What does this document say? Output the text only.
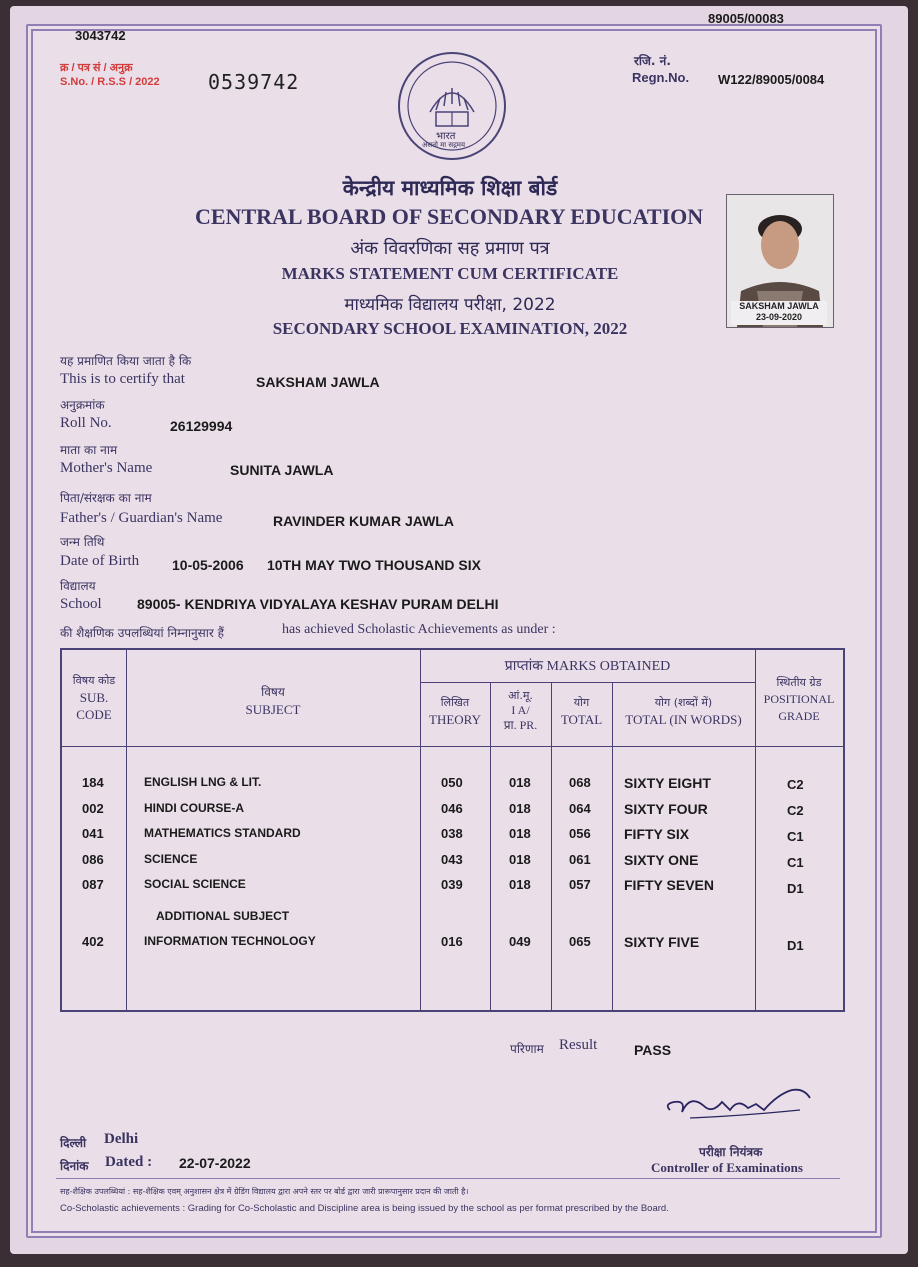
3043742
89005/00083
क्र / पत्र सं / अनुक्र
S.No. / R.S.S / 2022 0539742
रजि. नं.
Regn.No. W122/89005/0084
भारत
असतो मा सद्गमय
केन्द्रीय माध्यमिक शिक्षा बोर्ड
CENTRAL BOARD OF SECONDARY EDUCATION
अंक विवरणिका सह प्रमाण पत्र
MARKS STATEMENT CUM CERTIFICATE
माध्यमिक विद्यालय परीक्षा, 2022
SECONDARY SCHOOL EXAMINATION, 2022
SAKSHAM JAWLA
23-09-2020
यह प्रमाणित किया जाता है कि
This is to certify that	SAKSHAM JAWLA
अनुक्रमांक
Roll No.	26129994
माता का नाम
Mother's Name	SUNITA JAWLA
पिता/संरक्षक का नाम
Father's / Guardian's Name	RAVINDER KUMAR JAWLA
जन्म तिथि
Date of Birth 10-05-2006 10TH MAY TWO THOUSAND SIX
विद्यालय
School	89005- KENDRIYA VIDYALAYA KESHAV PURAM DELHI
की शैक्षणिक उपलब्धियां निम्नानुसार हैं	has achieved Scholastic Achievements as under :
विषय कोड
SUB.
CODE
विषय
SUBJECT
प्राप्तांक MARKS OBTAINED
लिखित
THEORY
आं.मू.
I A/
प्रा. PR.
योग
TOTAL
योग (शब्दों में)
TOTAL (IN WORDS)
स्थितीय ग्रेड
POSITIONAL
GRADE
184	ENGLISH LNG & LIT.	050	018	068 SIXTY EIGHT	C2
002	HINDI COURSE-A	046	018	064 SIXTY FOUR	C2
041	MATHEMATICS STANDARD	038	018	056 FIFTY SIX	C1
086	SCIENCE	043	018	061 SIXTY ONE	C1
087	SOCIAL SCIENCE	039	018	057 FIFTY SEVEN	D1
ADDITIONAL SUBJECT
402	INFORMATION TECHNOLOGY	016	049	065 SIXTY FIVE	D1
परिणाम Result	PASS
दिल्ली Delhi
दिनांक Dated : 22-07-2022
परीक्षा नियंत्रक
Controller of Examinations
सह-शैक्षिक उपलब्धियां : सह-शैक्षिक एवम् अनुशासन क्षेत्र में ग्रेडिंग विद्यालय द्वारा अपने स्तर पर बोर्ड द्वारा जारी प्रारूपानुसार प्रदान की जाती है।
Co-Scholastic achievements : Grading for Co-Scholastic and Discipline area is being issued by the school as per format prescribed by the Board.
